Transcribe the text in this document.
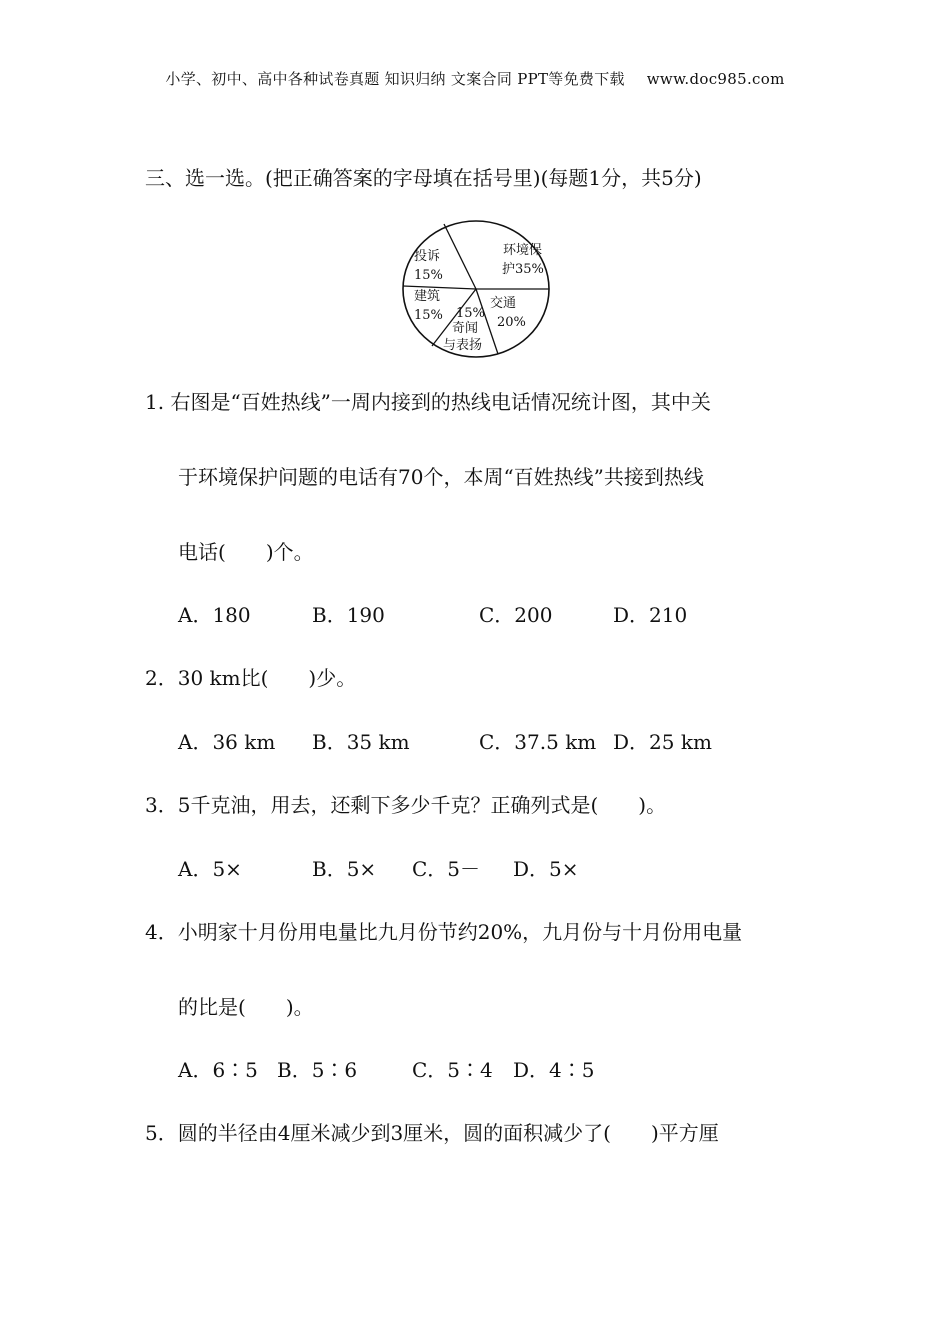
小学、初中、高中各种试卷真题 知识归纳 文案合同 PPT等免费下载 www.doc985.com
三、选一选。(把正确答案的字母填在括号里)(每题1分，共5分)
环境保
护35%
交通
20%
15%
奇闻
与表扬
建筑
15%
投诉
15%
1. 右图是“百姓热线”一周内接到的热线电话情况统计图，其中关
于环境保护问题的电话有70个，本周“百姓热线”共接到热线
电话( )个。
A．180	B．190	C．200	D．210
2．30 km比( )少。
A．36 km B．35 km	C．37.5 km D．25 km
3．5千克油，用去，还剩下多少千克？正确列式是( )。
A．5×	B．5× C．5－ D．5×
4．小明家十月份用电量比九月份节约20%，九月份与十月份用电量
的比是( )。
A．6∶5 B．5∶6	C．5∶4 D．4∶5
5．圆的半径由4厘米减少到3厘米，圆的面积减少了( )平方厘
